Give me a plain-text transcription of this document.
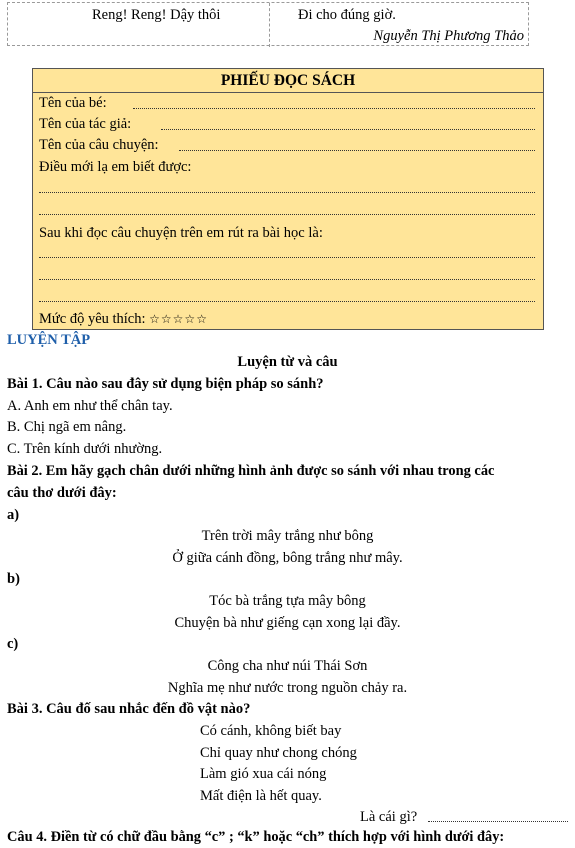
Reng! Reng! Dậy thôi	Đi cho đúng giờ.
Nguyễn Thị Phương Thảo
PHIẾU ĐỌC SÁCH
Tên của bé:
Tên của tác giả:
Tên của câu chuyện:
Điều mới lạ em biết được:
Sau khi đọc câu chuyện trên em rút ra bài học là:
Mức độ yêu thích: ☆☆☆☆☆
LUYỆN TẬP
Luyện từ và câu
Bài 1. Câu nào sau đây sử dụng biện pháp so sánh?
A. Anh em như thể chân tay.
B. Chị ngã em nâng.
C. Trên kính dưới nhường.
Bài 2. Em hãy gạch chân dưới những hình ảnh được so sánh với nhau trong các
câu thơ dưới đây:
a)
Trên trời mây trắng như bông
Ở giữa cánh đồng, bông trắng như mây.
b)
Tóc bà trắng tựa mây bông
Chuyện bà như giếng cạn xong lại đầy.
c)
Công cha như núi Thái Sơn
Nghĩa mẹ như nước trong nguồn chảy ra.
Bài 3. Câu đố sau nhắc đến đồ vật nào?
Có cánh, không biết bay
Chỉ quay như chong chóng
Làm gió xua cái nóng
Mất điện là hết quay.
Là cái gì?
Câu 4. Điền từ có chữ đầu bằng “c” ; “k” hoặc “ch” thích hợp với hình dưới đây:
